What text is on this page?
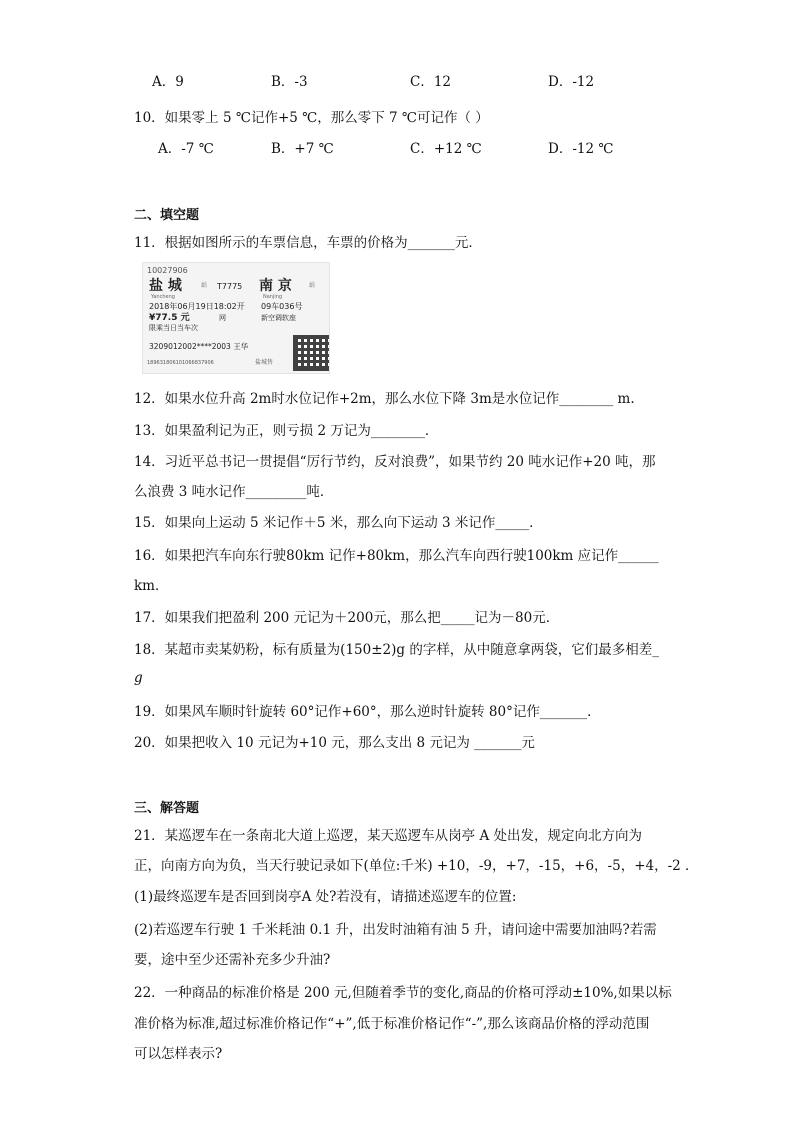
A．9	B．-3	C．12	D．-12
10．如果零上 5 ℃记作+5 ℃，那么零下 7 ℃可记作（ ）
A．-7 ℃	B．+7 ℃	C．+12 ℃	D．-12 ℃
二、填空题
11．根据如图所示的车票信息，车票的价格为_______元．
10027906
盐 城	站
Yancheng
T7775 南 京	站
Nanjing
2018年06月19日18:02开 09车036号
¥77.5 元	网	新空调软座
限乘当日当车次
3209012002****2003 王华
189631806101066837906	盐城售
12．如果水位升高 2m时水位记作+2m，那么水位下降 3m是水位记作________ m.
13．如果盈利记为正，则亏损 2 万记为________．
14．习近平总书记一贯提倡“厉行节约，反对浪费”，如果节约 20 吨水记作+20 吨，那
么浪费 3 吨水记作_________吨．
15．如果向上运动 5 米记作＋5 米，那么向下运动 3 米记作_____．
16．如果把汽车向东行驶80km 记作+80km，那么汽车向西行驶100km 应记作______
km．
17．如果我们把盈利 200 元记为＋200元，那么把_____记为－80元．
18．某超市卖某奶粉，标有质量为(150±2)g 的字样，从中随意拿两袋，它们最多相差_
g
19．如果风车顺时针旋转 60°记作+60°，那么逆时针旋转 80°记作_______．
20．如果把收入 10 元记为+10 元，那么支出 8 元记为 _______元
三、解答题
21．某巡逻车在一条南北大道上巡逻，某天巡逻车从岗亭 A 处出发，规定向北方向为
正，向南方向为负，当天行驶记录如下(单位:千米) +10，-9，+7，-15，+6，-5，+4，-2 ．
(1)最终巡逻车是否回到岗亭A 处?若没有，请描述巡逻车的位置:
(2)若巡逻车行驶 1 千米耗油 0.1 升，出发时油箱有油 5 升，请问途中需要加油吗?若需
要，途中至少还需补充多少升油?
22．一种商品的标准价格是 200 元,但随着季节的变化,商品的价格可浮动±10%,如果以标
准价格为标准,超过标准价格记作“+”,低于标准价格记作“-”,那么该商品价格的浮动范围
可以怎样表示?
